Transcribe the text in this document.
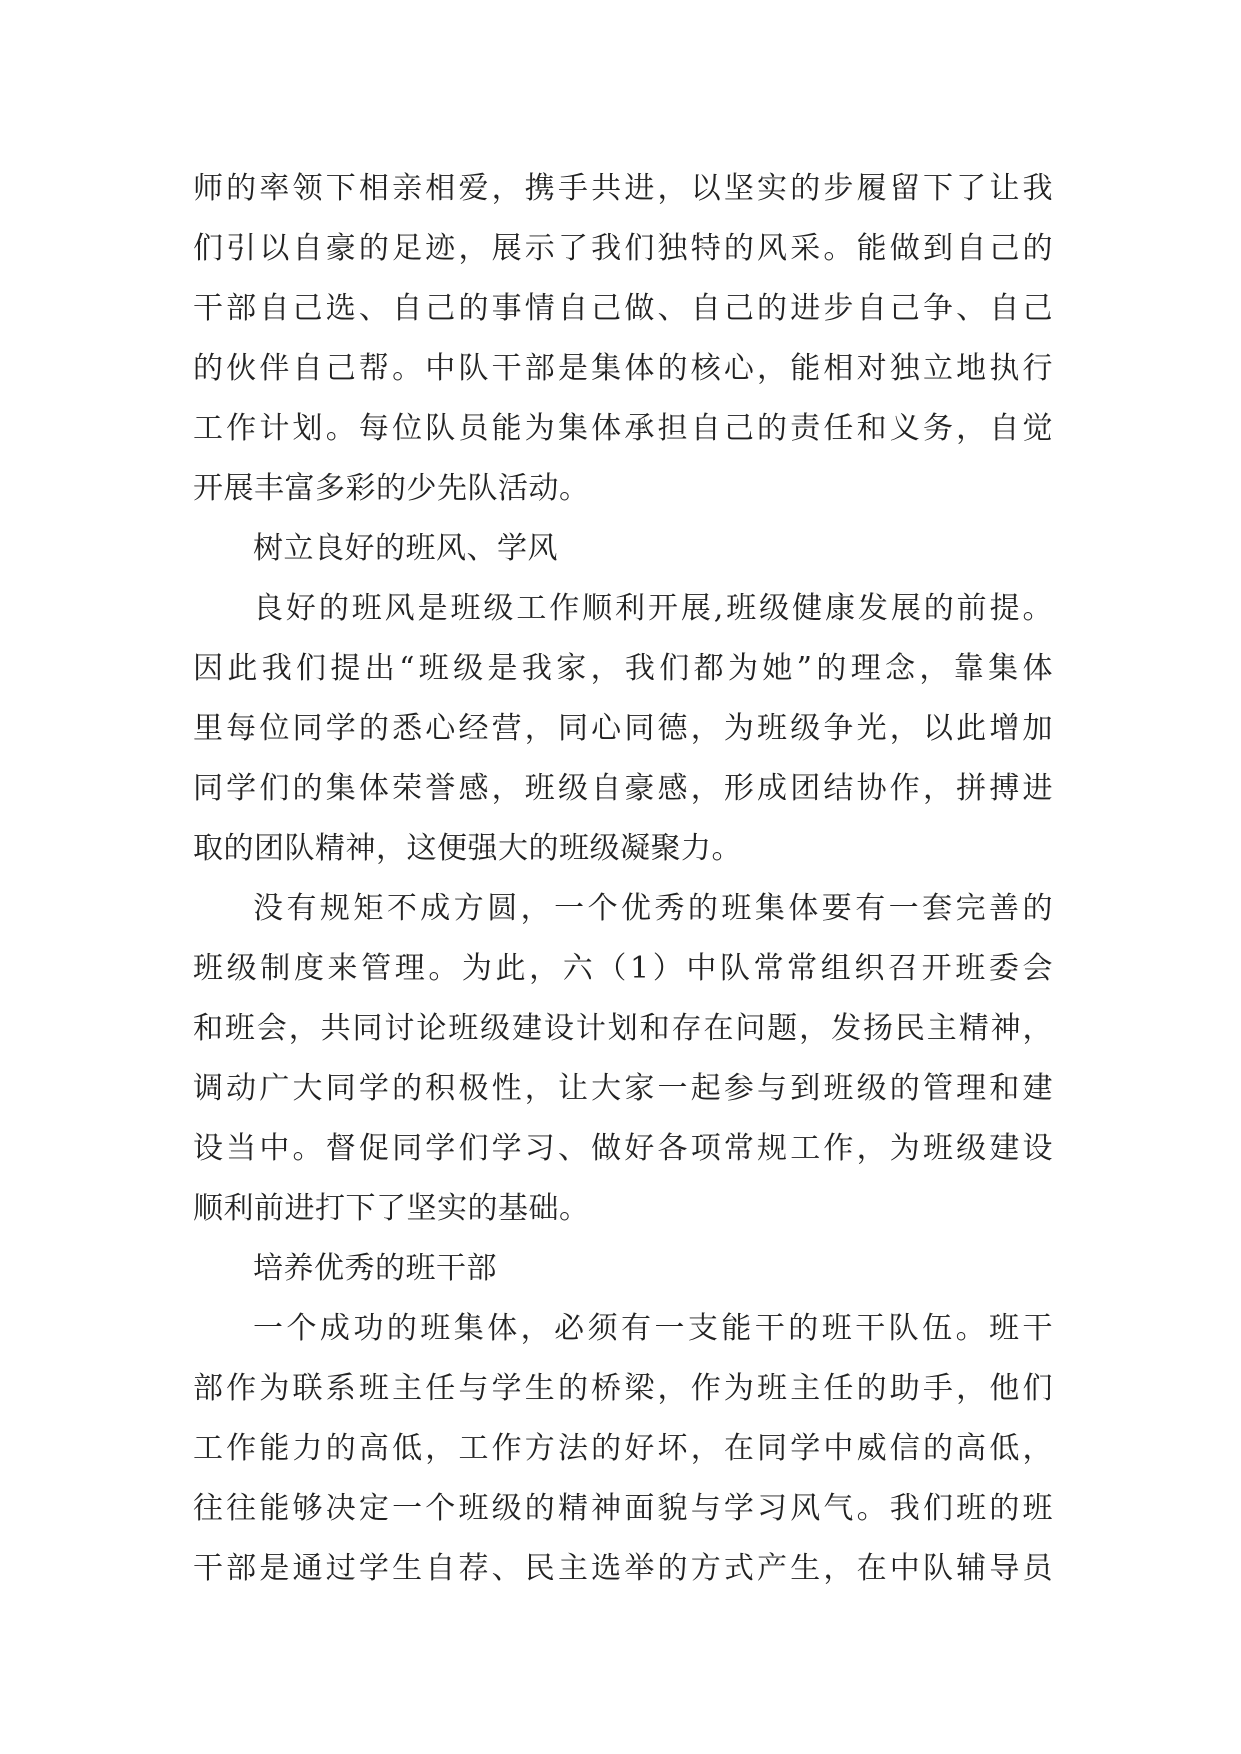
师的率领下相亲相爱，携手共进，以坚实的步履留下了让我
们引以自豪的足迹，展示了我们独特的风采。能做到自己的
干部自己选、自己的事情自己做、自己的进步自己争、自己
的伙伴自己帮。中队干部是集体的核心，能相对独立地执行
工作计划。每位队员能为集体承担自己的责任和义务，自觉
开展丰富多彩的少先队活动。
树立良好的班风、学风
良好的班风是班级工作顺利开展,班级健康发展的前提。
因此我们提出“班级是我家，我们都为她”的理念，靠集体
里每位同学的悉心经营，同心同德，为班级争光，以此增加
同学们的集体荣誉感，班级自豪感，形成团结协作，拼搏进
取的团队精神，这便强大的班级凝聚力。
没有规矩不成方圆，一个优秀的班集体要有一套完善的
班级制度来管理。为此，六（1）中队常常组织召开班委会
和班会，共同讨论班级建设计划和存在问题，发扬民主精神，
调动广大同学的积极性，让大家一起参与到班级的管理和建
设当中。督促同学们学习、做好各项常规工作，为班级建设
顺利前进打下了坚实的基础。
培养优秀的班干部
一个成功的班集体，必须有一支能干的班干队伍。班干
部作为联系班主任与学生的桥梁，作为班主任的助手，他们
工作能力的高低，工作方法的好坏，在同学中威信的高低，
往往能够决定一个班级的精神面貌与学习风气。我们班的班
干部是通过学生自荐、民主选举的方式产生，在中队辅导员
